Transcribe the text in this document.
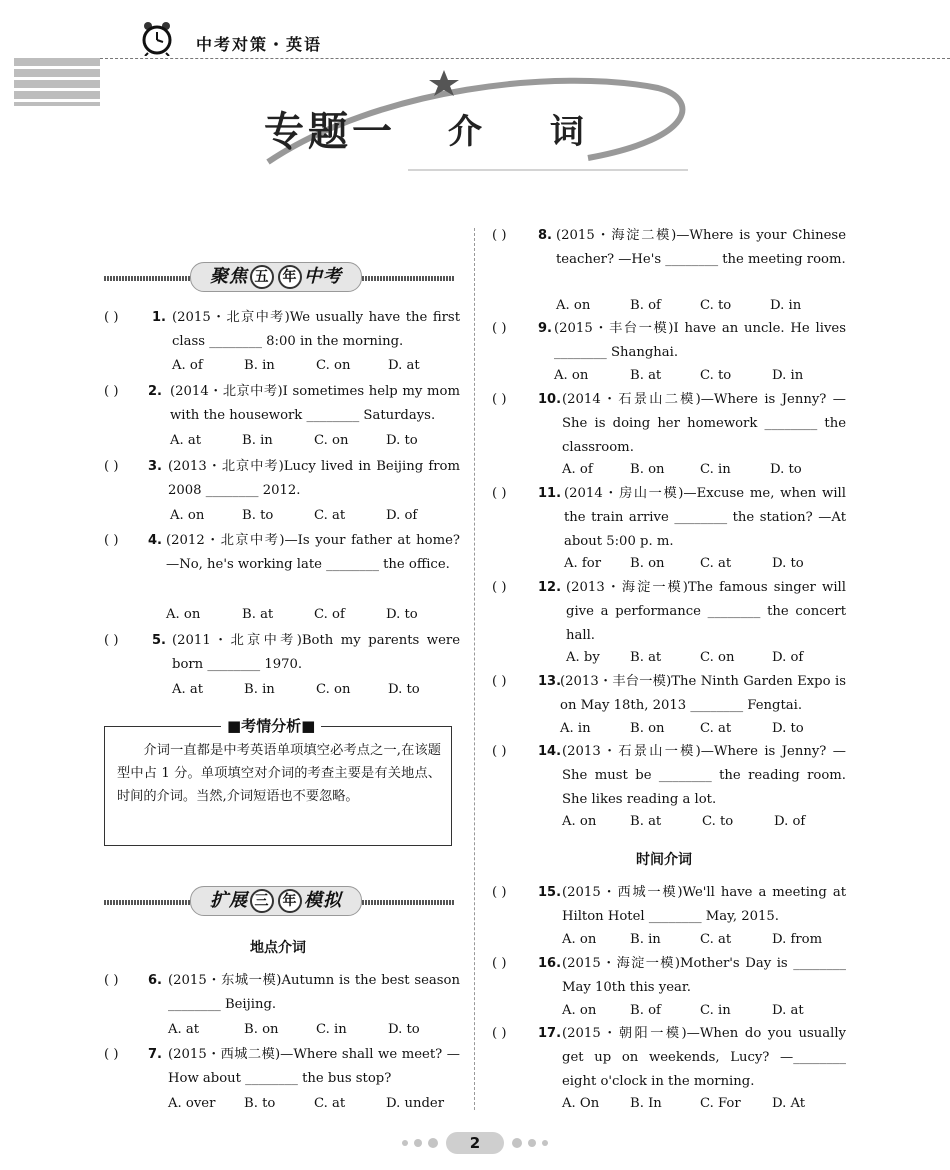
中考对策・英语
专题一 介 词
聚焦 五 年 中考
( )	1. (2015・北京中考)We usually have the first class ________ 8:00 in the morning.
A. of	B. in	C. on	D. at
( ) 2. (2014・北京中考)I sometimes help my mom with the housework ________ Saturdays.
A. at	B. in	C. on	D. to
( ) 3. (2013・北京中考)Lucy lived in Beijing from 2008 ________ 2012.
A. on	B. to	C. at	D. of
( ) 4. (2012・北京中考)—Is your father at home? —No, he's working late ________ the office.
A. on	B. at	C. of	D. to
( )	5. (2011・北京中考)Both my parents were born ________ 1970.
A. at	B. in	C. on	D. to
■考情分析■
介词一直都是中考英语单项填空必考点之一,在该题型中占 1 分。单项填空对介词的考查主要是有关地点、时间的介词。当然,介词短语也不要忽略。
扩展 三 年 模拟
地点介词
( ) 6. (2015・东城一模)Autumn is the best season ________ Beijing.
A. at	B. on	C. in	D. to
( ) 7. (2015・西城二模)—Where shall we meet? —How about ________ the bus stop?
A. over	B. to	C. at	D. under
( ) 8. (2015・海淀二模)—Where is your Chinese teacher? —He's ________ the meeting room.
A. on	B. of	C. to	D. in
( ) 9. (2015・丰台一模)I have an uncle. He lives ________ Shanghai.
A. on	B. at	C. to	D. in
( ) 10. (2014・石景山二模)—Where is Jenny? —She is doing her homework ________ the classroom.
A. of	B. on	C. in	D. to
( ) 11. (2014・房山一模)—Excuse me, when will the train arrive ________ the station? —At about 5:00 p. m.
A. for	B. on	C. at	D. to
( ) 12. (2013・海淀一模)The famous singer will give a performance ________ the concert hall.
A. by	B. at	C. on	D. of
( ) 13.
(2013・丰台一模)The Ninth Garden Expo is on May 18th, 2013 ________ Fengtai.
A. in	B. on	C. at	D. to
( ) 14. (2013・石景山一模)—Where is Jenny? —She must be ________ the reading room. She likes reading a lot.
A. on	B. at	C. to	D. of
时间介词
( ) 15. (2015・西城一模)We'll have a meeting at Hilton Hotel ________ May, 2015.
A. on	B. in	C. at	D. from
( ) 16. (2015・海淀一模)Mother's Day is ________ May 10th this year.
A. on	B. of	C. in	D. at
( ) 17. (2015・朝阳一模)—When do you usually get up on weekends, Lucy? —________ eight o'clock in the morning.
A. On	B. In	C. For	D. At
2
